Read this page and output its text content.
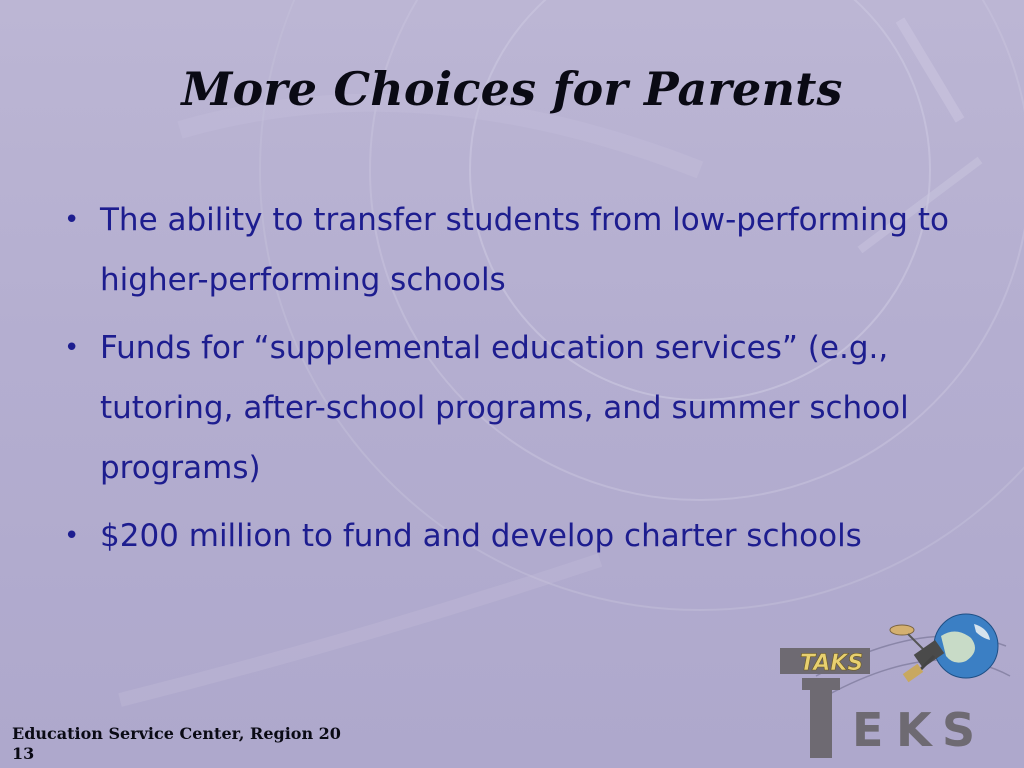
More Choices for Parents
• The ability to transfer students from low-performing to higher-performing schools
• Funds for “supplemental education services” (e.g., tutoring, after-school programs, and summer school programs)
• $200 million to fund and develop charter schools
Education Service Center, Region 20
13
TAKS
E K S
